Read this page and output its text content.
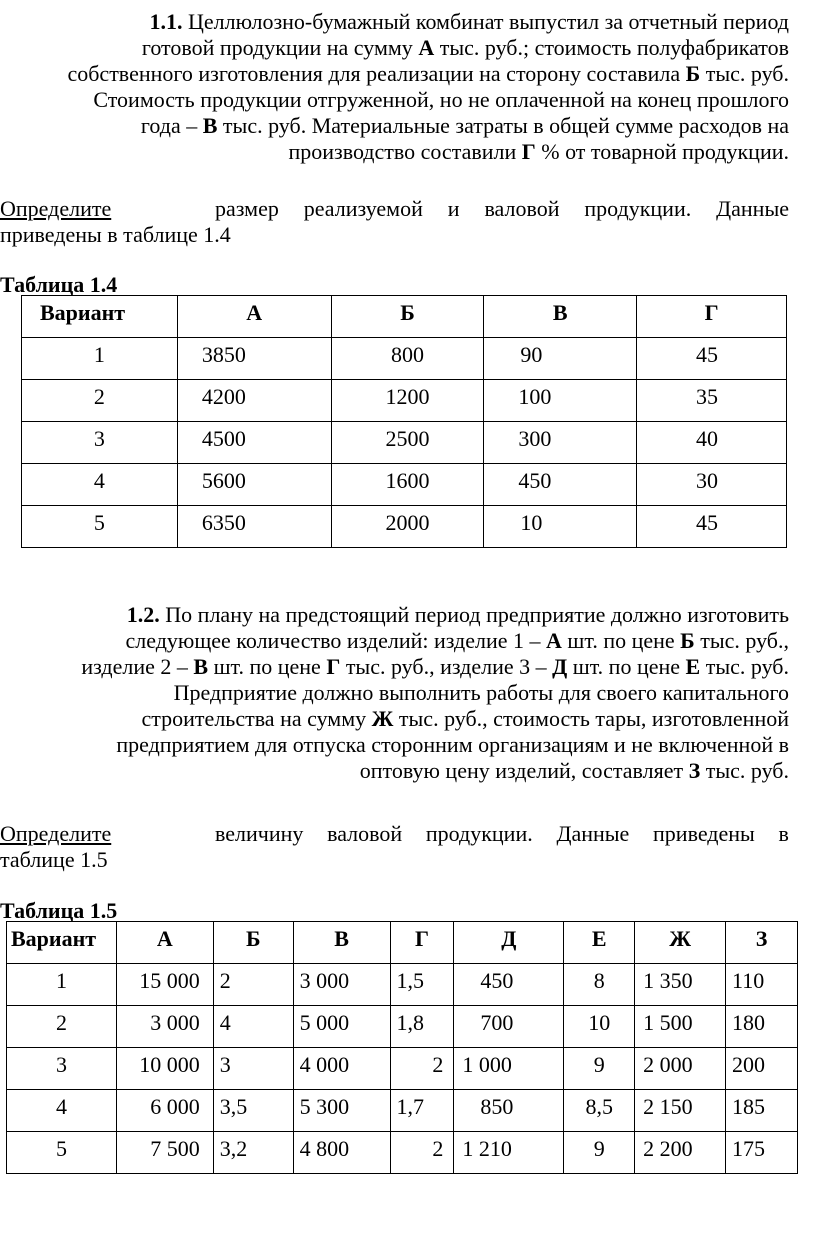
1.1. Целлюлозно-бумажный комбинат выпустил за отчетный период
готовой продукции на сумму А тыс. руб.; стоимость полуфабрикатов
собственного изготовления для реализации на сторону составила Б тыс. руб.
Стоимость продукции отгруженной, но не оплаченной на конец прошлого
года – В тыс. руб. Материальные затраты в общей сумме расходов на
производство составили Г % от товарной продукции.
Определите	размер реализуемой и валовой продукции. Данные
приведены в таблице 1.4
Таблица 1.4
Вариант	А	Б	В	Г
1	3850	800	90	45
2	4200	1200	100	35
3	4500	2500	300	40
4	5600	1600	450	30
5	6350	2000	10	45
1.2. По плану на предстоящий период предприятие должно изготовить
следующее количество изделий: изделие 1 – А шт. по цене Б тыс. руб.,
изделие 2 – В шт. по цене Г тыс. руб., изделие 3 – Д шт. по цене Е тыс. руб.
Предприятие должно выполнить работы для своего капитального
строительства на сумму Ж тыс. руб., стоимость тары, изготовленной
предприятием для отпуска сторонним организациям и не включенной в
оптовую цену изделий, составляет З тыс. руб.
Определите	величину валовой продукции. Данные приведены в
таблице 1.5
Таблица 1.5
Вариант	А	Б	В	Г	Д	Е	Ж	З
1	15 000	2	3 000	1,5	450	8	1 350	110
2	3 000	4	5 000	1,8	700	10	1 500	180
3	10 000	3	4 000	2	1 000	9	2 000	200
4	6 000	3,5	5 300	1,7	850	8,5	2 150	185
5	7 500	3,2	4 800	2	1 210	9	2 200	175
